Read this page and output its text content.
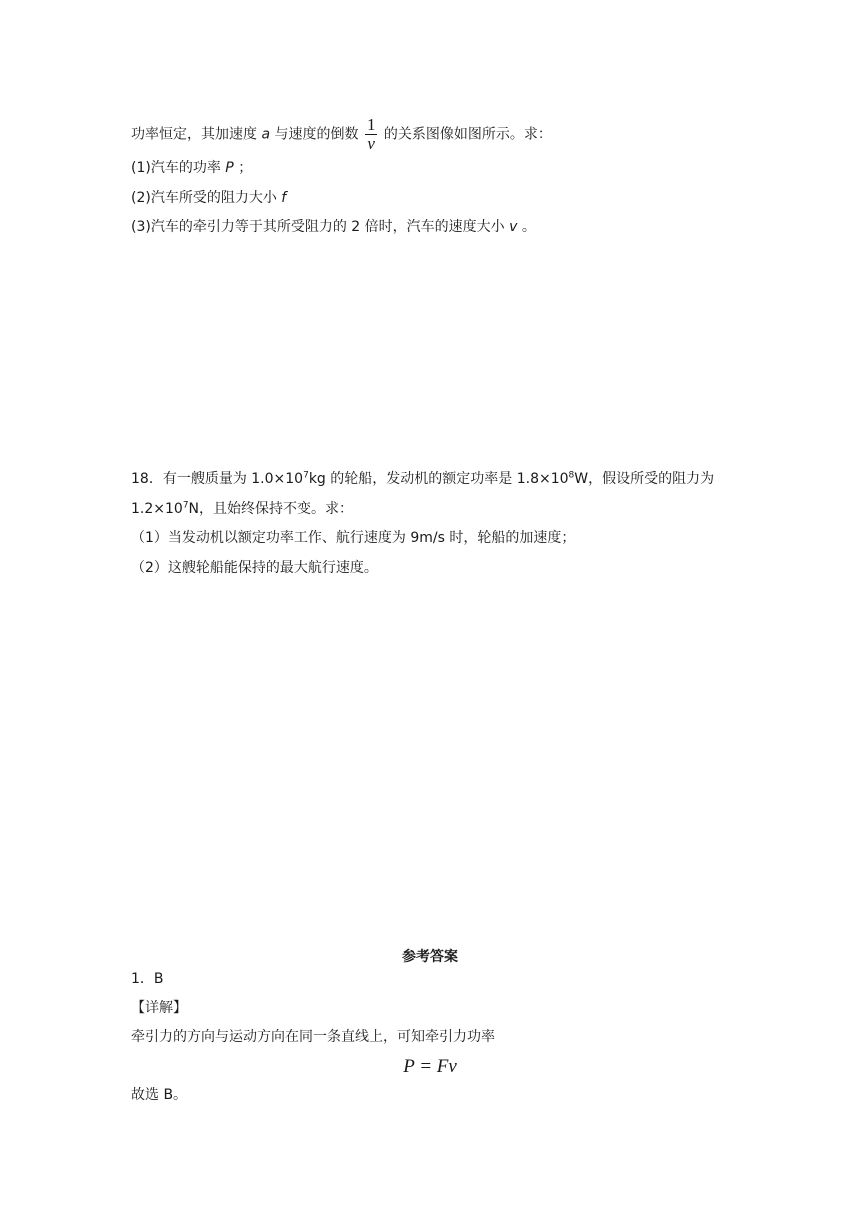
功率恒定，其加速度 a 与速度的倒数 $\frac{1}{v}$ 的关系图像如图所示。求：
(1)汽车的功率 P ；
(2)汽车所受的阻力大小 f
(3)汽车的牵引力等于其所受阻力的 2 倍时，汽车的速度大小 v 。
18．有一艘质量为 $1.0\times 10^7kg$ 的轮船，发动机的额定功率是 $1.8\times 10^8W$，假设所受的阻力为
$1.2\times 10^7N$，且始终保持不变。求：
（1）当发动机以额定功率工作、航行速度为 9m/s 时，轮船的加速度；
（2）这艘轮船能保持的最大航行速度。
参考答案
1．B
【详解】
牵引力的方向与运动方向在同一条直线上，可知牵引力功率
P = Fv
故选 B。
